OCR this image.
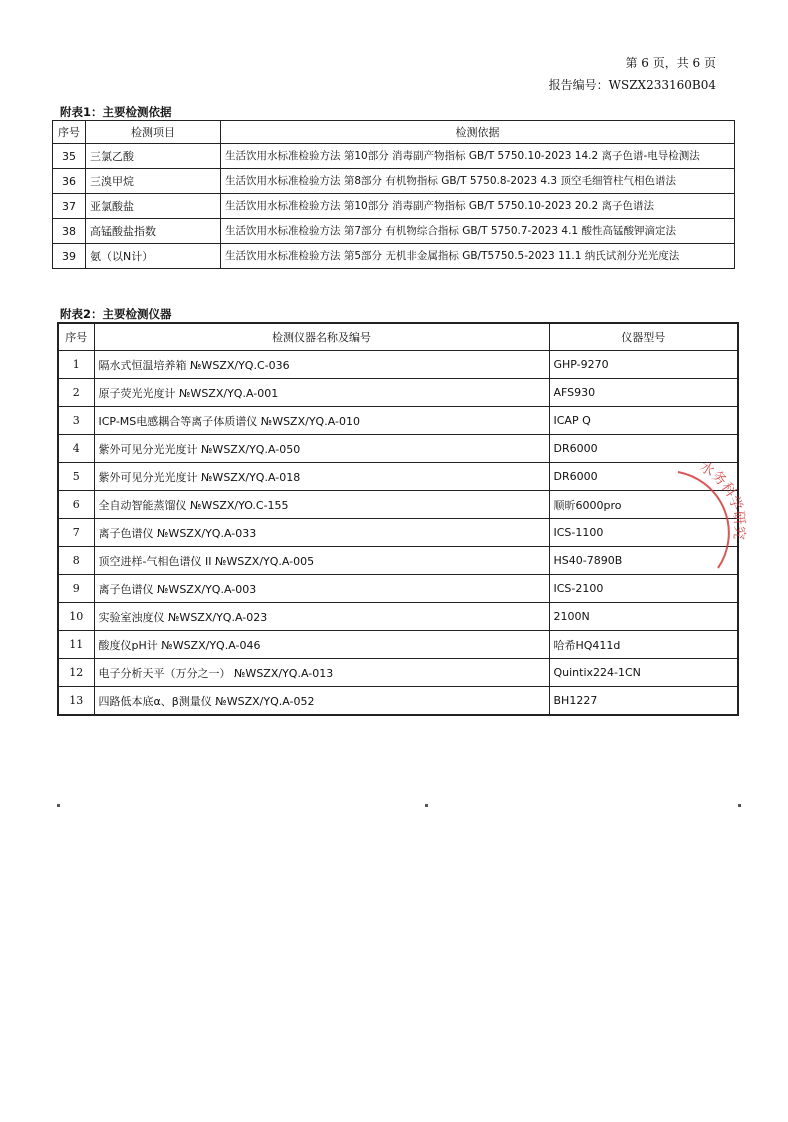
第 6 页，共 6 页
报告编号：WSZX233160B04
附表1：主要检测依据
序号	检测项目	检测依据
35	三氯乙酸	生活饮用水标准检验方法 第10部分 消毒副产物指标 GB/T 5750.10-2023 14.2 离子色谱-电导检测法
36	三溴甲烷	生活饮用水标准检验方法 第8部分 有机物指标 GB/T 5750.8-2023 4.3 顶空毛细管柱气相色谱法
37	亚氯酸盐	生活饮用水标准检验方法 第10部分 消毒副产物指标 GB/T 5750.10-2023 20.2 离子色谱法
38	高锰酸盐指数	生活饮用水标准检验方法 第7部分 有机物综合指标 GB/T 5750.7-2023 4.1 酸性高锰酸钾滴定法
39	氨（以N计）	生活饮用水标准检验方法 第5部分 无机非金属指标 GB/T5750.5-2023 11.1 纳氏试剂分光光度法
附表2：主要检测仪器
序号	检测仪器名称及编号	仪器型号
1	隔水式恒温培养箱 №WSZX/YQ.C-036	GHP-9270
2	原子荧光光度计 №WSZX/YQ.A-001	AFS930
3	ICP-MS电感耦合等离子体质谱仪 №WSZX/YQ.A-010	ICAP Q
4	紫外可见分光光度计 №WSZX/YQ.A-050	DR6000
5	紫外可见分光光度计 №WSZX/YQ.A-018	DR6000
6	全自动智能蒸馏仪 №WSZX/YO.C-155	顺昕6000pro
7	离子色谱仪 №WSZX/YQ.A-033	ICS-1100
8	顶空进样-气相色谱仪 II №WSZX/YQ.A-005	HS40-7890B
9	离子色谱仪 №WSZX/YQ.A-003	ICS-2100
10	实验室浊度仪 №WSZX/YQ.A-023	2100N
11	酸度仪pH计 №WSZX/YQ.A-046	哈希HQ411d
12	电子分析天平（万分之一） №WSZX/YQ.A-013	Quintix224-1CN
13	四路低本底α、β测量仪 №WSZX/YQ.A-052	BH1227
水务科学研究
